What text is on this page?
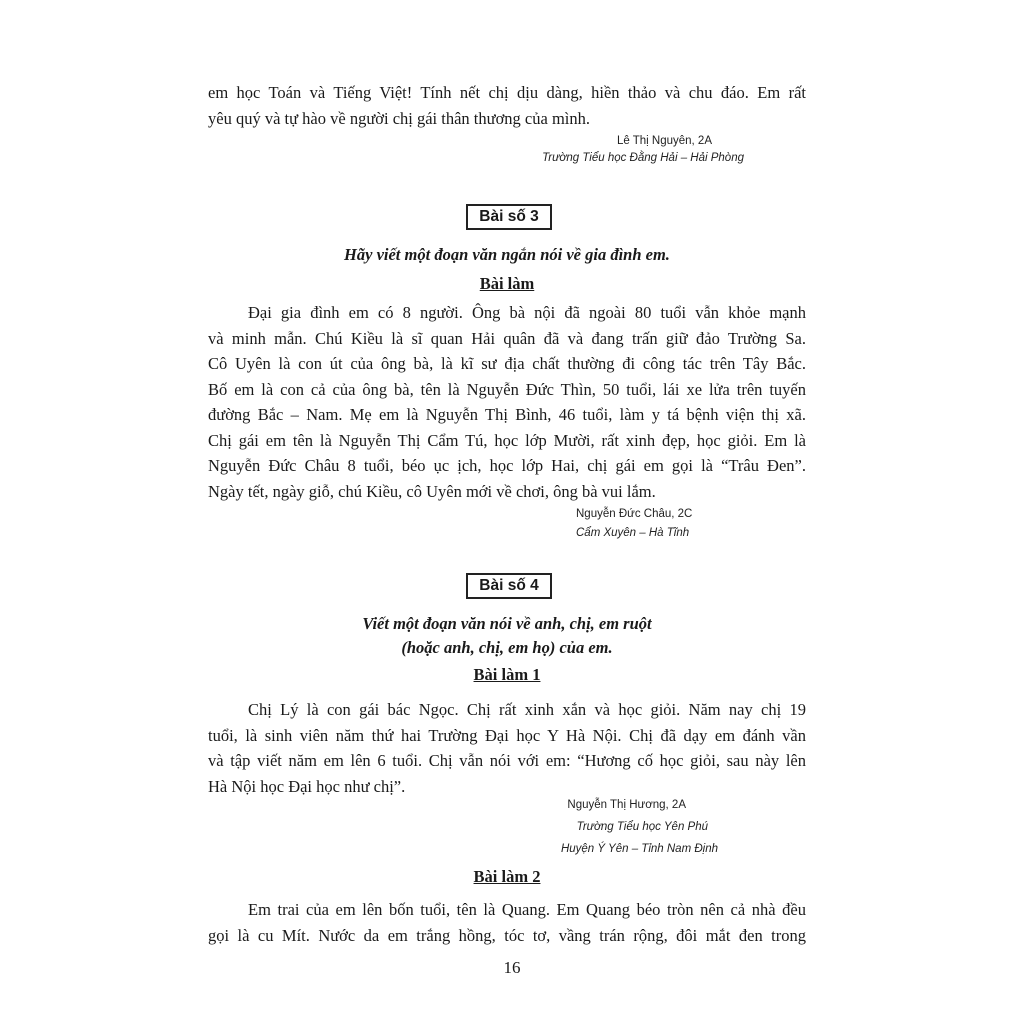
em học Toán và Tiếng Việt! Tính nết chị dịu dàng, hiền thảo và chu đáo. Em rất
yêu quý và tự hào về người chị gái thân thương của mình.
Lê Thị Nguyên, 2A
Trường Tiểu học Đằng Hải – Hải Phòng
Bài số 3

Hãy viết một đoạn văn ngắn nói về gia đình em.

Bài làm

Đại gia đình em có 8 người. Ông bà nội đã ngoài 80 tuổi vẫn khỏe mạnh
và minh mẫn. Chú Kiều là sĩ quan Hải quân đã và đang trấn giữ đảo Trường Sa.
Cô Uyên là con út của ông bà, là kĩ sư địa chất thường đi công tác trên Tây Bắc.
Bố em là con cả của ông bà, tên là Nguyễn Đức Thìn, 50 tuổi, lái xe lửa trên tuyến
đường Bắc – Nam. Mẹ em là Nguyễn Thị Bình, 46 tuổi, làm y tá bệnh viện thị xã.
Chị gái em tên là Nguyễn Thị Cẩm Tú, học lớp Mười, rất xinh đẹp, học giỏi. Em là
Nguyễn Đức Châu 8 tuổi, béo ục ịch, học lớp Hai, chị gái em gọi là “Trâu Đen”.
Ngày tết, ngày giỗ, chú Kiều, cô Uyên mới về chơi, ông bà vui lắm.
Nguyễn Đức Châu, 2C
Cẩm Xuyên – Hà Tĩnh
Bài số 4

Viết một đoạn văn nói về anh, chị, em ruột

(hoặc anh, chị, em họ) của em.

Bài làm 1

Chị Lý là con gái bác Ngọc. Chị rất xinh xắn và học giỏi. Năm nay chị 19
tuổi, là sinh viên năm thứ hai Trường Đại học Y Hà Nội. Chị đã dạy em đánh vần
và tập viết năm em lên 6 tuổi. Chị vẫn nói với em: “Hương cố học giỏi, sau này lên
Hà Nội học Đại học như chị”.
Nguyễn Thị Hương, 2A
Trường Tiểu học Yên Phú
Huyện Ý Yên – Tỉnh Nam Định

Bài làm 2

Em trai của em lên bốn tuổi, tên là Quang. Em Quang béo tròn nên cả nhà đều
gọi là cu Mít. Nước da em trắng hồng, tóc tơ, vầng trán rộng, đôi mắt đen trong
16
